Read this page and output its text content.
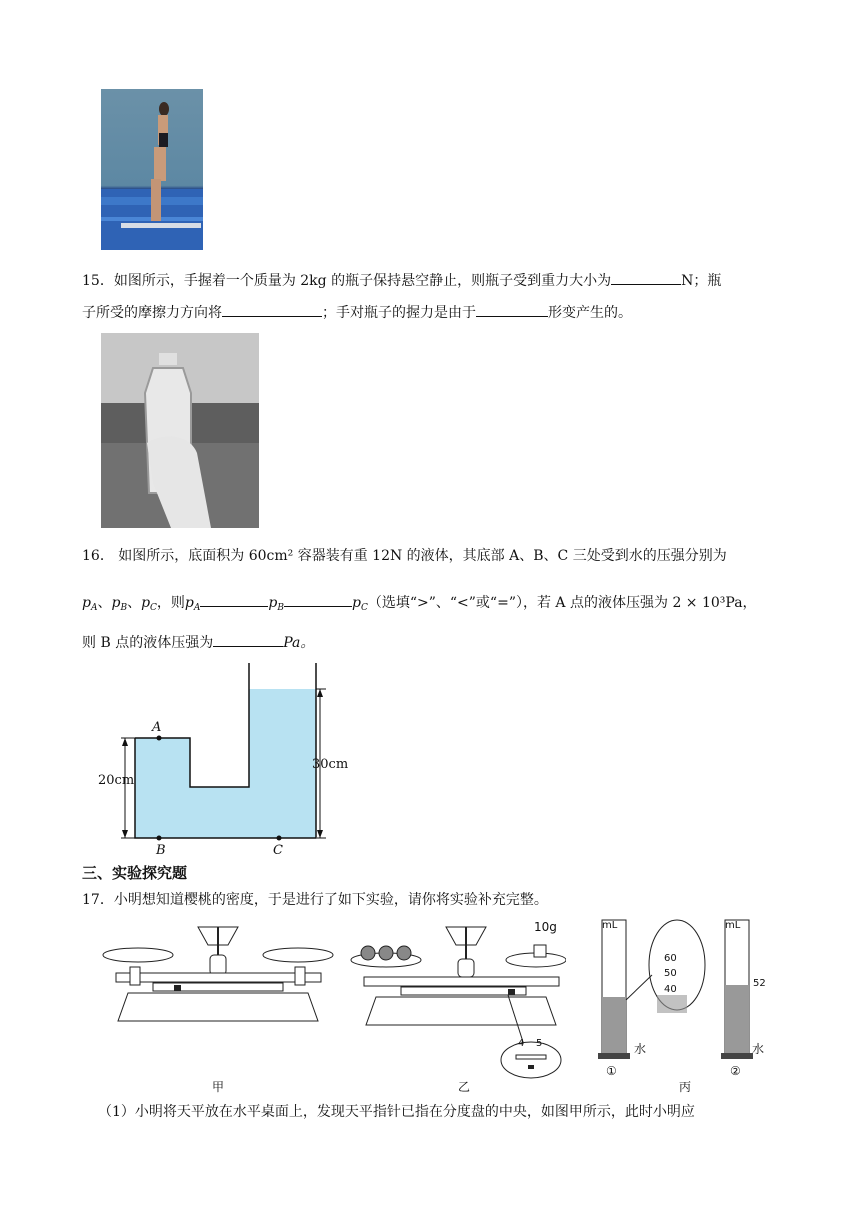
15．如图所示，手握着一个质量为 2kg 的瓶子保持悬空静止，则瓶子受到重力大小为	N；瓶
子所受的摩擦力方向将	；手对瓶子的握力是由于	形变产生的。
16． 如图所示，底面积为 60cm² 容器装有重 12N 的液体，其底部 A、B、C 三处受到水的压强分别为
$p_A$、$p_B$、$p_C$，则$p_A$	$p_B$	$p_C$（选填“>”、“<”或“=”），若 A 点的液体压强为 2 × 10³Pa，
则 B 点的液体压强为	Pa。
A
B	C
20cm
30cm
三、实验探究题
17．小明想知道樱桃的密度，于是进行了如下实验，请你将实验补充完整。
甲
10g
4 5
乙
mL
60
50
40
水
①
mL
52
水
丙
②
（1）小明将天平放在水平桌面上，发现天平指针已指在分度盘的中央，如图甲所示，此时小明应
